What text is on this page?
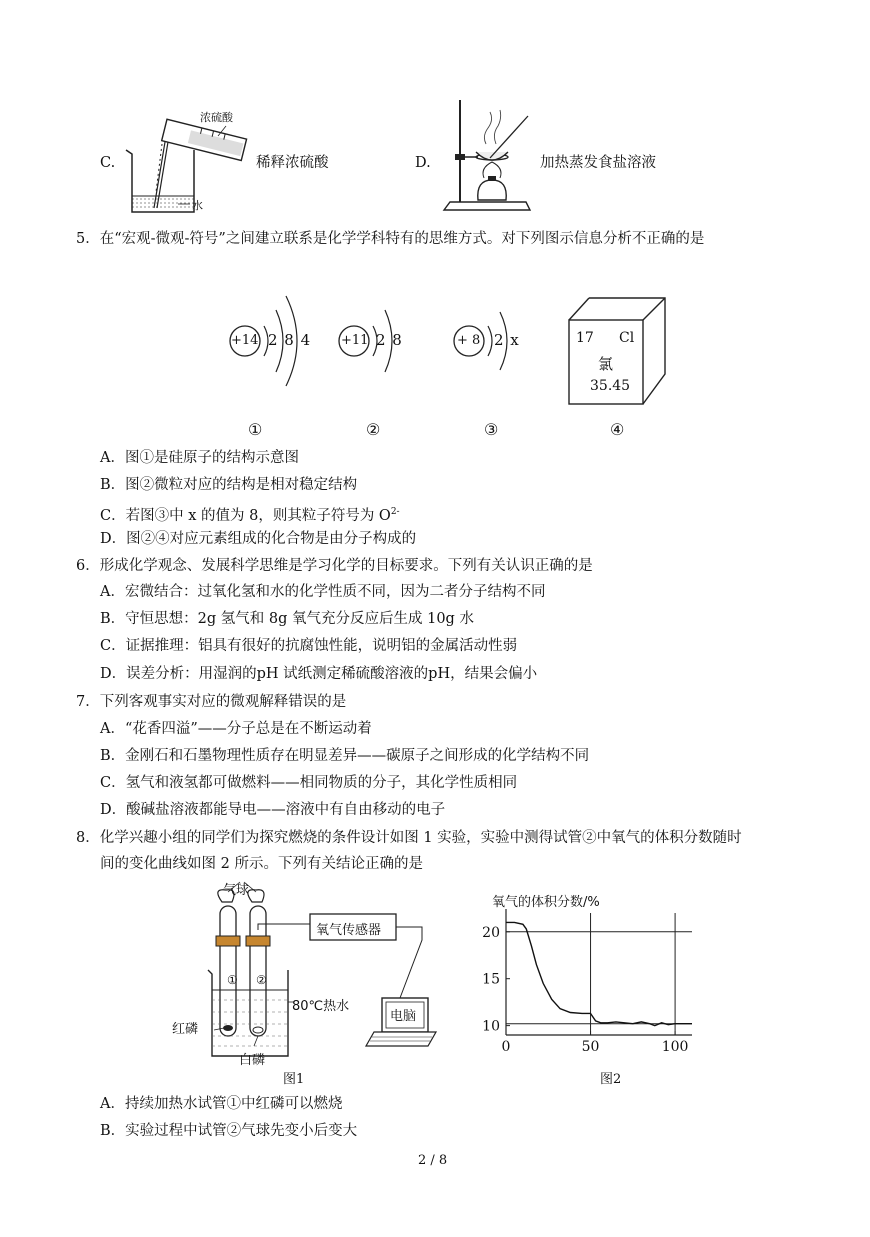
C.
浓硫酸
水
稀释浓硫酸	D.	加热蒸发食盐溶液
5．在“宏观-微观-符号”之间建立联系是化学学科特有的思维方式。对下列图示信息分析不正确的是
+14 2 8 4
①
+11 2 8
②
+ 8 2 x
③
17 Cl
氯
35.45
④
A．图①是硅原子的结构示意图
B．图②微粒对应的结构是相对稳定结构
C．若图③中 x 的值为 8，则其粒子符号为 $O^{2-}$
D．图②④对应元素组成的化合物是由分子构成的
6．形成化学观念、发展科学思维是学习化学的目标要求。下列有关认识正确的是
A．宏微结合：过氧化氢和水的化学性质不同，因为二者分子结构不同
B．守恒思想：2g 氢气和 8g 氧气充分反应后生成 10g 水
C．证据推理：铝具有很好的抗腐蚀性能，说明铝的金属活动性弱
D．误差分析：用湿润的pH 试纸测定稀硫酸溶液的pH，结果会偏小
7．下列客观事实对应的微观解释错误的是
A．“花香四溢”——分子总是在不断运动着
B．金刚石和石墨物理性质存在明显差异——碳原子之间形成的化学结构不同
C．氢气和液氢都可做燃料——相同物质的分子，其化学性质相同
D．酸碱盐溶液都能导电——溶液中有自由移动的电子
8．化学兴趣小组的同学们为探究燃烧的条件设计如图 1 实验，实验中测得试管②中氧气的体积分数随时
间的变化曲线如图 2 所示。下列有关结论正确的是
气球
氧气传感器
① ②
80℃热水
红磷
白磷
电脑
图1
氧气的体积分数/%
10
15
20
0	50	100
图2
A．持续加热水试管①中红磷可以燃烧
B．实验过程中试管②气球先变小后变大
2 / 8
